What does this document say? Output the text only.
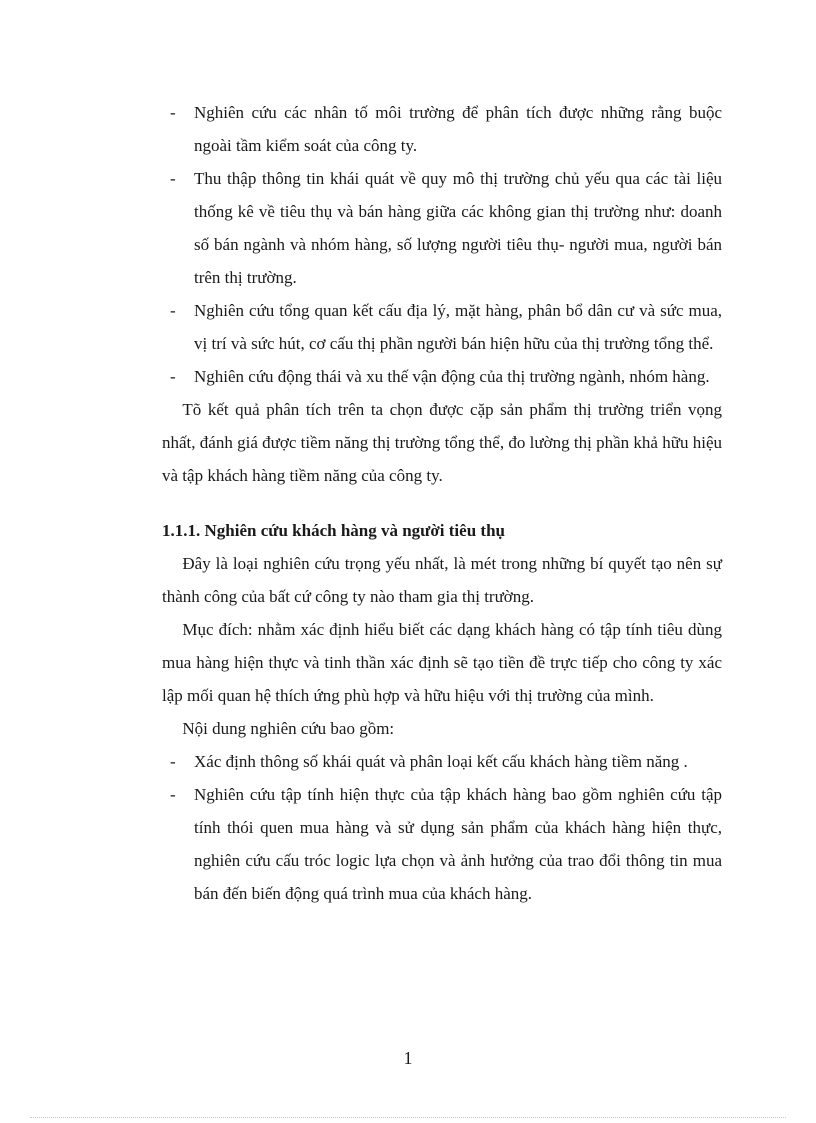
- Nghiên cứu các nhân tố môi trường để phân tích được những rằng buộc ngoài tầm kiểm soát của công ty.
- Thu thập thông tin khái quát về quy mô thị trường chủ yếu qua các tài liệu thống kê về tiêu thụ và bán hàng giữa các không gian thị trường như: doanh số bán ngành và nhóm hàng, số lượng người tiêu thụ- người mua, người bán trên thị trường.
- Nghiên cứu tổng quan kết cấu địa lý, mặt hàng, phân bổ dân cư và sức mua, vị trí và sức hút, cơ cấu thị phần người bán hiện hữu của thị trường tổng thể.
- Nghiên cứu động thái và xu thế vận động của thị trường ngành, nhóm hàng.

Tõ kết quả phân tích trên ta chọn được cặp sản phẩm thị trường triển vọng nhất, đánh giá được tiềm năng thị trường tổng thể, đo lường thị phần khả hữu hiệu và tập khách hàng tiềm năng của công ty.

1.1.1. Nghiên cứu khách hàng và người tiêu thụ

Đây là loại nghiên cứu trọng yếu nhất, là mét trong những bí quyết tạo nên sự thành công của bất cứ công ty nào tham gia thị trường.

Mục đích: nhằm xác định hiểu biết các dạng khách hàng có tập tính tiêu dùng mua hàng hiện thực và tinh thần xác định sẽ tạo tiền đề trực tiếp cho công ty xác lập mối quan hệ thích ứng phù hợp và hữu hiệu với thị trường của mình.

Nội dung nghiên cứu bao gồm:

- Xác định thông số khái quát và phân loại kết cấu khách hàng tiềm năng .
- Nghiên cứu tập tính hiện thực của tập khách hàng bao gồm nghiên cứu tập tính thói quen mua hàng và sử dụng sản phẩm của khách hàng hiện thực, nghiên cứu cấu tróc logic lựa chọn và ảnh hưởng của trao đổi thông tin mua bán đến biến động quá trình mua của khách hàng.
1
